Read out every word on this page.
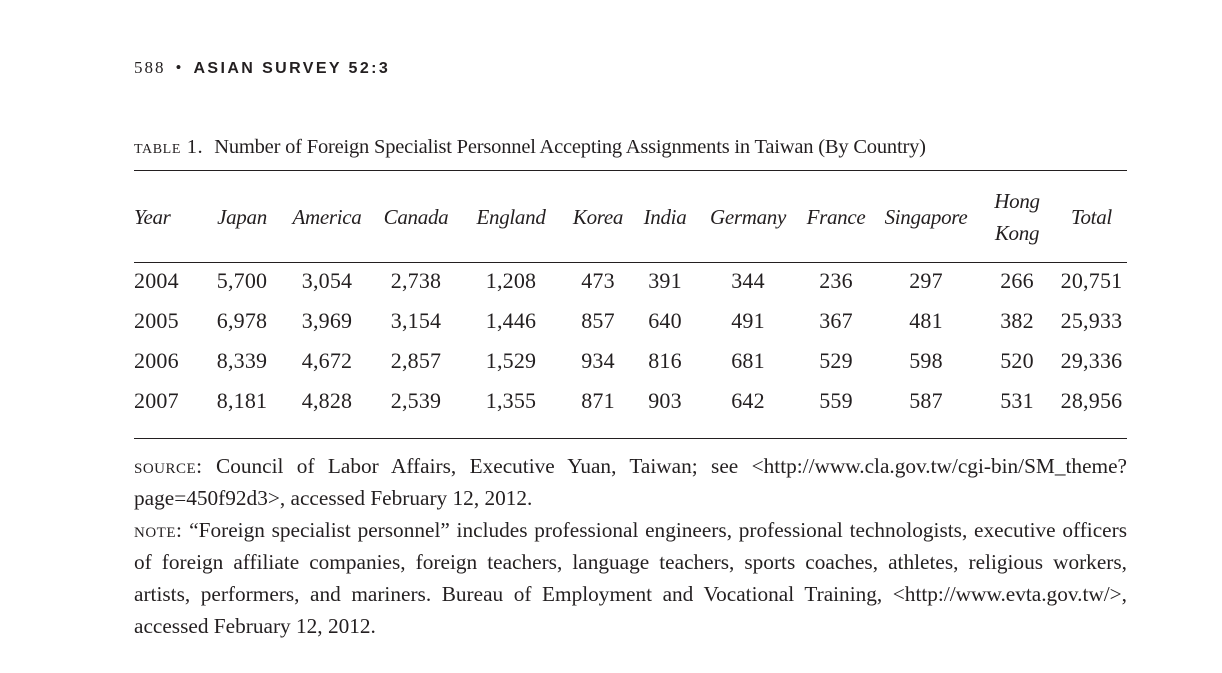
588 • ASIAN SURVEY 52:3
table 1. Number of Foreign Specialist Personnel Accepting Assignments in Taiwan (By Country)
Year	Japan	America	Canada	England	Korea	India	Germany	France	Singapore	Hong
Kong	Total
2004	5,700	3,054	2,738	1,208	473	391	344	236	297	266	20,751
2005	6,978	3,969	3,154	1,446	857	640	491	367	481	382	25,933
2006	8,339	4,672	2,857	1,529	934	816	681	529	598	520	29,336
2007	8,181	4,828	2,539	1,355	871	903	642	559	587	531	28,956

source: Council of Labor Affairs, Executive Yuan, Taiwan; see <http://www.cla.gov.tw/cgi-bin/SM_theme?page=450f92d3>, accessed February 12, 2012.

note: “Foreign specialist personnel” includes professional engineers, professional technologists, executive officers of foreign affiliate companies, foreign teachers, language teachers, sports coaches, athletes, religious workers, artists, performers, and mariners. Bureau of Employment and Vocational Training, <http://www.evta.gov.tw/>, accessed February 12, 2012.
